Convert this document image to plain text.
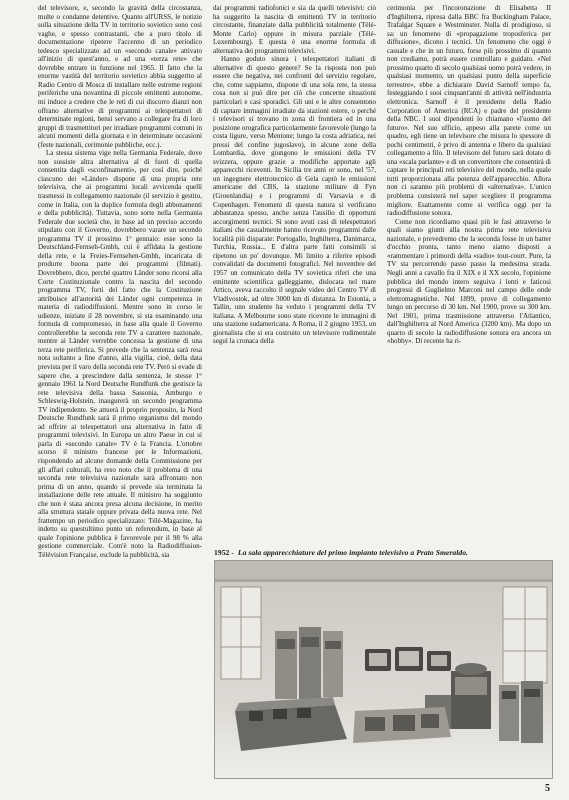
del televisore, e, secondo la gravità della circostanza, multe o condanne detentive. Quanto all'URSS, le notizie sulla situazione della TV in territorio sovietico sono così vaghe, e spesso contrastanti, che a puro titolo di documentazione ripetere l'accenno di un periodico tedesco specializzato ad un «secondo canale» attivato all'inizio di quest'anno, e ad una «terza rete» che dovrebbe entrare in funzione nel 1965. Il fatto che la enorme vastità del territorio sovietico abbia suggerito al Radio Centro di Mosca di installare nelle estreme regioni periferiche una novantina di piccole emittenti autonome, mi induce a credere che le reti di cui discorro dianzi non offrano alternative di programmi ai telespettatori di determinate regioni, bensì servano a collegare fra di loro gruppi di trasmettitori per irradiare programmi comuni in alcuni momenti della giornata e in determinate occasioni (feste nazionali, cerimonie pubbliche, ecc.).

La stessa sistema vige nella Germania Federale, dove non sussiste altra alternativa al di fuori di quella consentita dagli «sconfinamenti», per così dire, poiché ciascuno dei «Länder» dispone di una propria rete televisiva, che ai programmi locali avvicenda quelli trasmessi in collegamento nazionale (il servizio è gestito, come in Italia, con la duplice formula degli abbonamenti e della pubblicità). Tuttavia, sono sorte nella Germania Federale due società che, in base ad un preciso accordo stipulato con il Governo, dovrebbero varare un secondo programma TV il prossimo 1° gennaio: esse sono la Deutschland-Fernseh-Gmbh, cui è affidata la gestione della rete, e la Freies-Fernsehen-Gmbh, incaricata di produrre buona parte dei programmi (filmati). Dovrebbero, dico, perché quattro Länder sono ricorsi alla Corte Costituzionale contro la nascita del secondo programma TV, forti del fatto che la Costituzione attribuisce all'autorità dei Länder ogni competenza in materia di radiodiffusioni. Mentre sono in corso le udienze, iniziate il 28 novembre, si sta esaminando una formula di compromesso, in base alla quale il Governo controllerebbe la seconda rete TV a carattere nazionale, mentre ai Länder verrebbe concessa la gestione di una terza rete periferica. Si prevede che la sentenza sarà resa nota soltanto a fine d'anno, alla vigilia, cioè, della data prevista per il varo della seconda rete TV. Però si evade di sapere che, a prescindere dalla sentenza, le stesse 1° gennaio 1961 la Nord Deutsche Rundfunk che gestisce la rete televisiva della bassa Sassonia, Amburgo e Schleswig-Holstein, inaugurerà un secondo programma TV indipendente. Se attuerà il proprio proposito, la Nord Deutsche Rundfunk sarà il primo organismo del mondo ad offrire ai telespettatori una alternativa in fatto di programmi televisivi. In Europa un altro Paese in cui si parla di «secondo canale» TV è la Francia. L'ottobre scorso il ministro francese per le Informazioni, rispondendo ad alcune domande della Commissione per gli affari culturali, ha reso noto che il problema di una seconda rete televisiva nazionale sarà affrontato non prima di un anno, quando si prevede sia terminata la installazione delle rete attuale. Il ministro ha soggiunto che non è stata ancora presa alcuna decisione, in merito alla struttura statale oppure privata della nuova rete. Nel frattempo un periodico specializzato: Télé-Magazine, ha indetto su questultimo punto un referendum, in base al quale l'opinione pubblica è favorevole per il 98 % alla gestione commerciale. Com'è noto la Radiodiffusion-Télévision Française, esclude la pubblicità, sia

dai programmi radiofonici e sia da quelli televisivi: ciò ha suggerito la nascita di emittenti TV in territorio circostante, finanziate dalla pubblicità totalmente (Télé-Monte Carlo) oppure in misura parziale (Télé-Luxembourg). E questa è una enorme formula di alternativa dei programmi televisivi.

Hanno goduto sinora i telespettatori italiani di alternative di questo genere? Se la risposta non può essere che negativa, nei confronti del servizio regolare, che, come sappiamo, dispone di una sola rete, la stessa cosa non si può dire per ciò che concerne situazioni particolari e casi sporadici. Gli uni e le altre consentono di captare immagini irradiate da stazioni estere, o perché i televisori si trovano in zona di frontiera ed in una posizione orografica particolarmente favorevole (lungo la costa ligure, verso Mentone; lungo la costa adriatica, nei pressi del confine jugoslavo), in alcune zone della Lombardia, dove giungono le emissioni della TV svizzera, oppure grazie a modifiche apportate agli apparecchi riceventi. In Sicilia tre anni or sono, nel '57, un ingegnere elettrotecnico di Gela captò le emissioni americane del CBS, la stazione militare di Fyn (Groenlandia) e i programmi di Varsavia e di Copenhagen. Fenomeni di questa natura si verificano abbastanza spesso, anche senza l'ausilio di opportuni accorgimenti tecnici. Si sono avuti casi di telespettatori italiani che casualmente hanno ricevuto programmi dalle località più disparate: Portogallo, Inghilterra, Danimarca, Turchia, Russia... E d'altra parte fatti consimili si ripetono un po' dovunque. Mi limito a riferire episodi convalidati da documenti fotografici. Nel novembre del 1957 un comunicato della TV sovietica riferì che una emittente scientifica galleggiante, dislocata nel mare Artico, aveva raccolto il segnale video del Centro TV di Vladivostok, ad oltre 3000 km di distanza. In Estonia, a Tallin, uno studente ha veduto i programmi della TV italiana. A Melbourne sono state ricevute le immagini di una stazione sudamericana. A Roma, il 2 giugno 1953, un giornalista che si era costruito un televisore rudimentale seguì la cronaca della

cerimonia per l'incoronazione di Elisabetta II d'Inghilterra, ripresa dalla BBC fra Buckingham Palace, Trafalgar Square e Westminster. Nulla di prodigioso, si sa: un fenomeno di «propagazione troposferica per diffusione», dicono i tecnici. Un fenomeno che oggi è casuale e che in un futuro, forse più prossimo di quanto non crediamo, potrà essere controllato e guidato. «Nel prossimo quarto di secolo qualsiasi uomo potrà vedere, in qualsiasi momento, un qualsiasi punto della superficie terrestre», ebbe a dichiarare David Sarnoff tempo fa, festeggiando i suoi cinquant'anni di attività nell'industria elettronica. Sarnoff è il presidente della Radio Corporation of America (RCA) e padre del presidente della NBC. I suoi dipendenti lo chiamano «l'uomo del futuro». Nel suo ufficio, appeso alla parete come un quadro, egli tiene un televisore che misura lo spessore di pochi centimetri, è privo di antenna e libero da qualsiasi collegamento a filo. Il televisore del futuro sarà dotato di una «scala parlante» e di un convertitore che consentirà di captare le principali reti televisive del mondo, nella quale tutti proporzionata alla potenza dell'apparecchio. Allora non ci saranno più problemi di «alternativa». L'unico problema consisterà nel saper scegliere il programma migliore. Esattamente come si verifica oggi per la radiodiffusione sonora.

Come non ricordiamo quasi più le fasi attraverso le quali siamo giunti alla nostra prima rete televisiva nazionale, e prevedremo che la seconda fosse in un batter d'occhio pronta, tanto meno siamo disposti a «rammentare i primordi della «radio» tout-court. Pure, la TV sta percorrendo passo passo la medesima strada. Negli anni a cavallo fra il XIX e il XX secolo, l'opinione pubblica del mondo intero seguiva i lenti e faticosi progressi di Guglielmo Marconi nel campo delle onde elettromagnetiche. Nel 1899, prove di collegamento lungo un percorso di 30 km. Nel 1900, prove su 300 km. Nel 1901, prima trasmissione attraverso l'Atlantico, dall'Inghilterra al Nord America (3200 km). Ma dopo un quarto di secolo la radiodiffusione sonora era ancora un «hobby». Di recente ha ri-

1952 - La sala apparecchiature del primo impianto televisivo a Prato Smeraldo.
5
